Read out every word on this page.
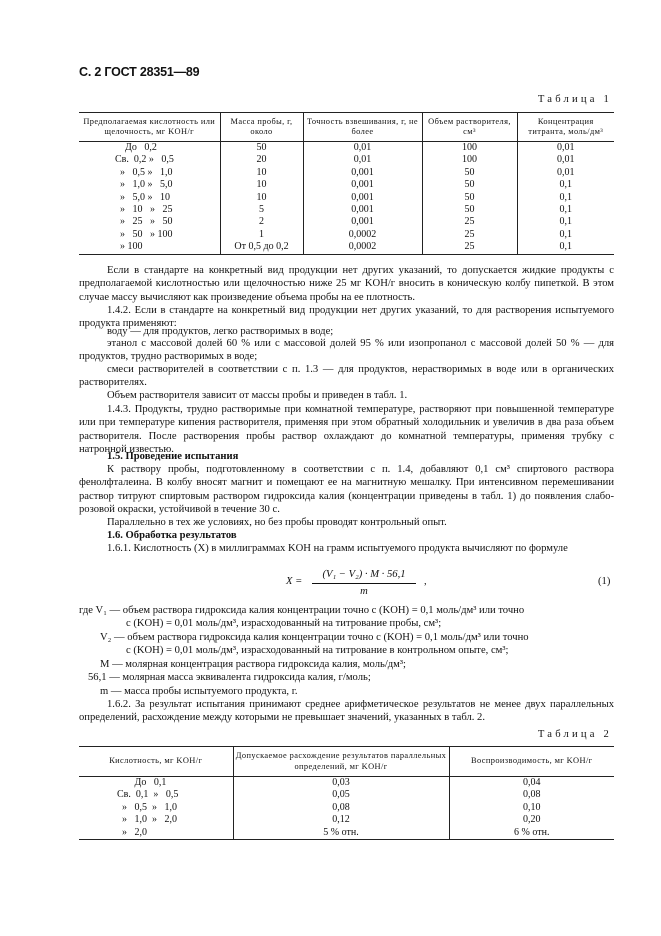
С. 2 ГОСТ 28351—89
Таблица 1
Предполагаемая кислотность или щелочность, мг KOH/г	Масса пробы, г, около	Точность взвешивания, г, не более	Объем растворителя, см³	Концентрация титранта, моль/дм³
До   0,2	50	0,01	100	0,01
Св.  0,2 »   0,5	20	0,01	100	0,01
»   0,5 »   1,0	10	0,001	50	0,01
»   1,0 »   5,0	10	0,001	50	0,1
»   5,0 »   10	10	0,001	50	0,1
»   10   »   25	5	0,001	50	0,1
»   25   »   50	2	0,001	25	0,1
»   50   » 100	1	0,0002	25	0,1
» 100	От 0,5 до 0,2	0,0002	25	0,1
Если в стандарте на конкретный вид продукции нет других указаний, то допускается жидкие продукты с предполагаемой кислотностью или щелочностью ниже 25 мг KOH/г вносить в коническую колбу пипеткой. В этом случае массу вычисляют как произведение объема пробы на ее плотность.
1.4.2. Если в стандарте на конкретный вид продукции нет других указаний, то для растворения испытуемого продукта применяют:
воду — для продуктов, легко растворимых в воде;
этанол с массовой долей 60 % или с массовой долей 95 % или изопропанол с массовой долей 50 % — для продуктов, трудно растворимых в воде;
смеси растворителей в соответствии с п. 1.3 — для продуктов, нерастворимых в воде или в органических растворителях.
Объем растворителя зависит от массы пробы и приведен в табл. 1.
1.4.3. Продукты, трудно растворимые при комнатной температуре, растворяют при повышенной температуре или при температуре кипения растворителя, применяя при этом обратный холодильник и увеличив в два раза объем растворителя. После растворения пробы раствор охлаждают до комнатной температуры, применяя трубку с натронной известью.
1.5. Проведение испытания
К раствору пробы, подготовленному в соответствии с п. 1.4, добавляют 0,1 см³ спиртового раствора фенолфталеина. В колбу вносят магнит и помещают ее на магнитную мешалку. При интенсивном перемешивании раствор титруют спиртовым раствором гидроксида калия (концентрации приведены в табл. 1) до появления слабо-розовой окраски, устойчивой в течение 30 с.
Параллельно в тех же условиях, но без пробы проводят контрольный опыт.
1.6. Обработка результатов
1.6.1. Кислотность (X) в миллиграммах KOH на грамм испытуемого продукта вычисляют по формуле
X =
(V₁ − V₂) · M · 56,1
m
,	(1)
где V₁ — объем раствора гидроксида калия концентрации точно c (KOH) = 0,1 моль/дм³ или точно
c (KOH) = 0,01 моль/дм³, израсходованный на титрование пробы, см³;
V₂ — объем раствора гидроксида калия концентрации точно c (KOH) = 0,1 моль/дм³ или точно
c (KOH) = 0,01 моль/дм³, израсходованный на титрование в контрольном опыте, см³;
M — молярная концентрация раствора гидроксида калия, моль/дм³;
56,1 — молярная масса эквивалента гидроксида калия, г/моль;
m — масса пробы испытуемого продукта, г.
1.6.2. За результат испытания принимают среднее арифметическое результатов не менее двух параллельных определений, расхождение между которыми не превышает значений, указанных в табл. 2.
Таблица 2
Кислотность, мг KOH/г	Допускаемое расхождение результатов параллельных определений, мг KOH/г	Воспроизводимость, мг KOH/г
До   0,1	0,03	0,04
Св.  0,1  »   0,5	0,05	0,08
»   0,5  »   1,0	0,08	0,10
»   1,0  »   2,0	0,12	0,20
»   2,0	5 % отн.	6 % отн.
